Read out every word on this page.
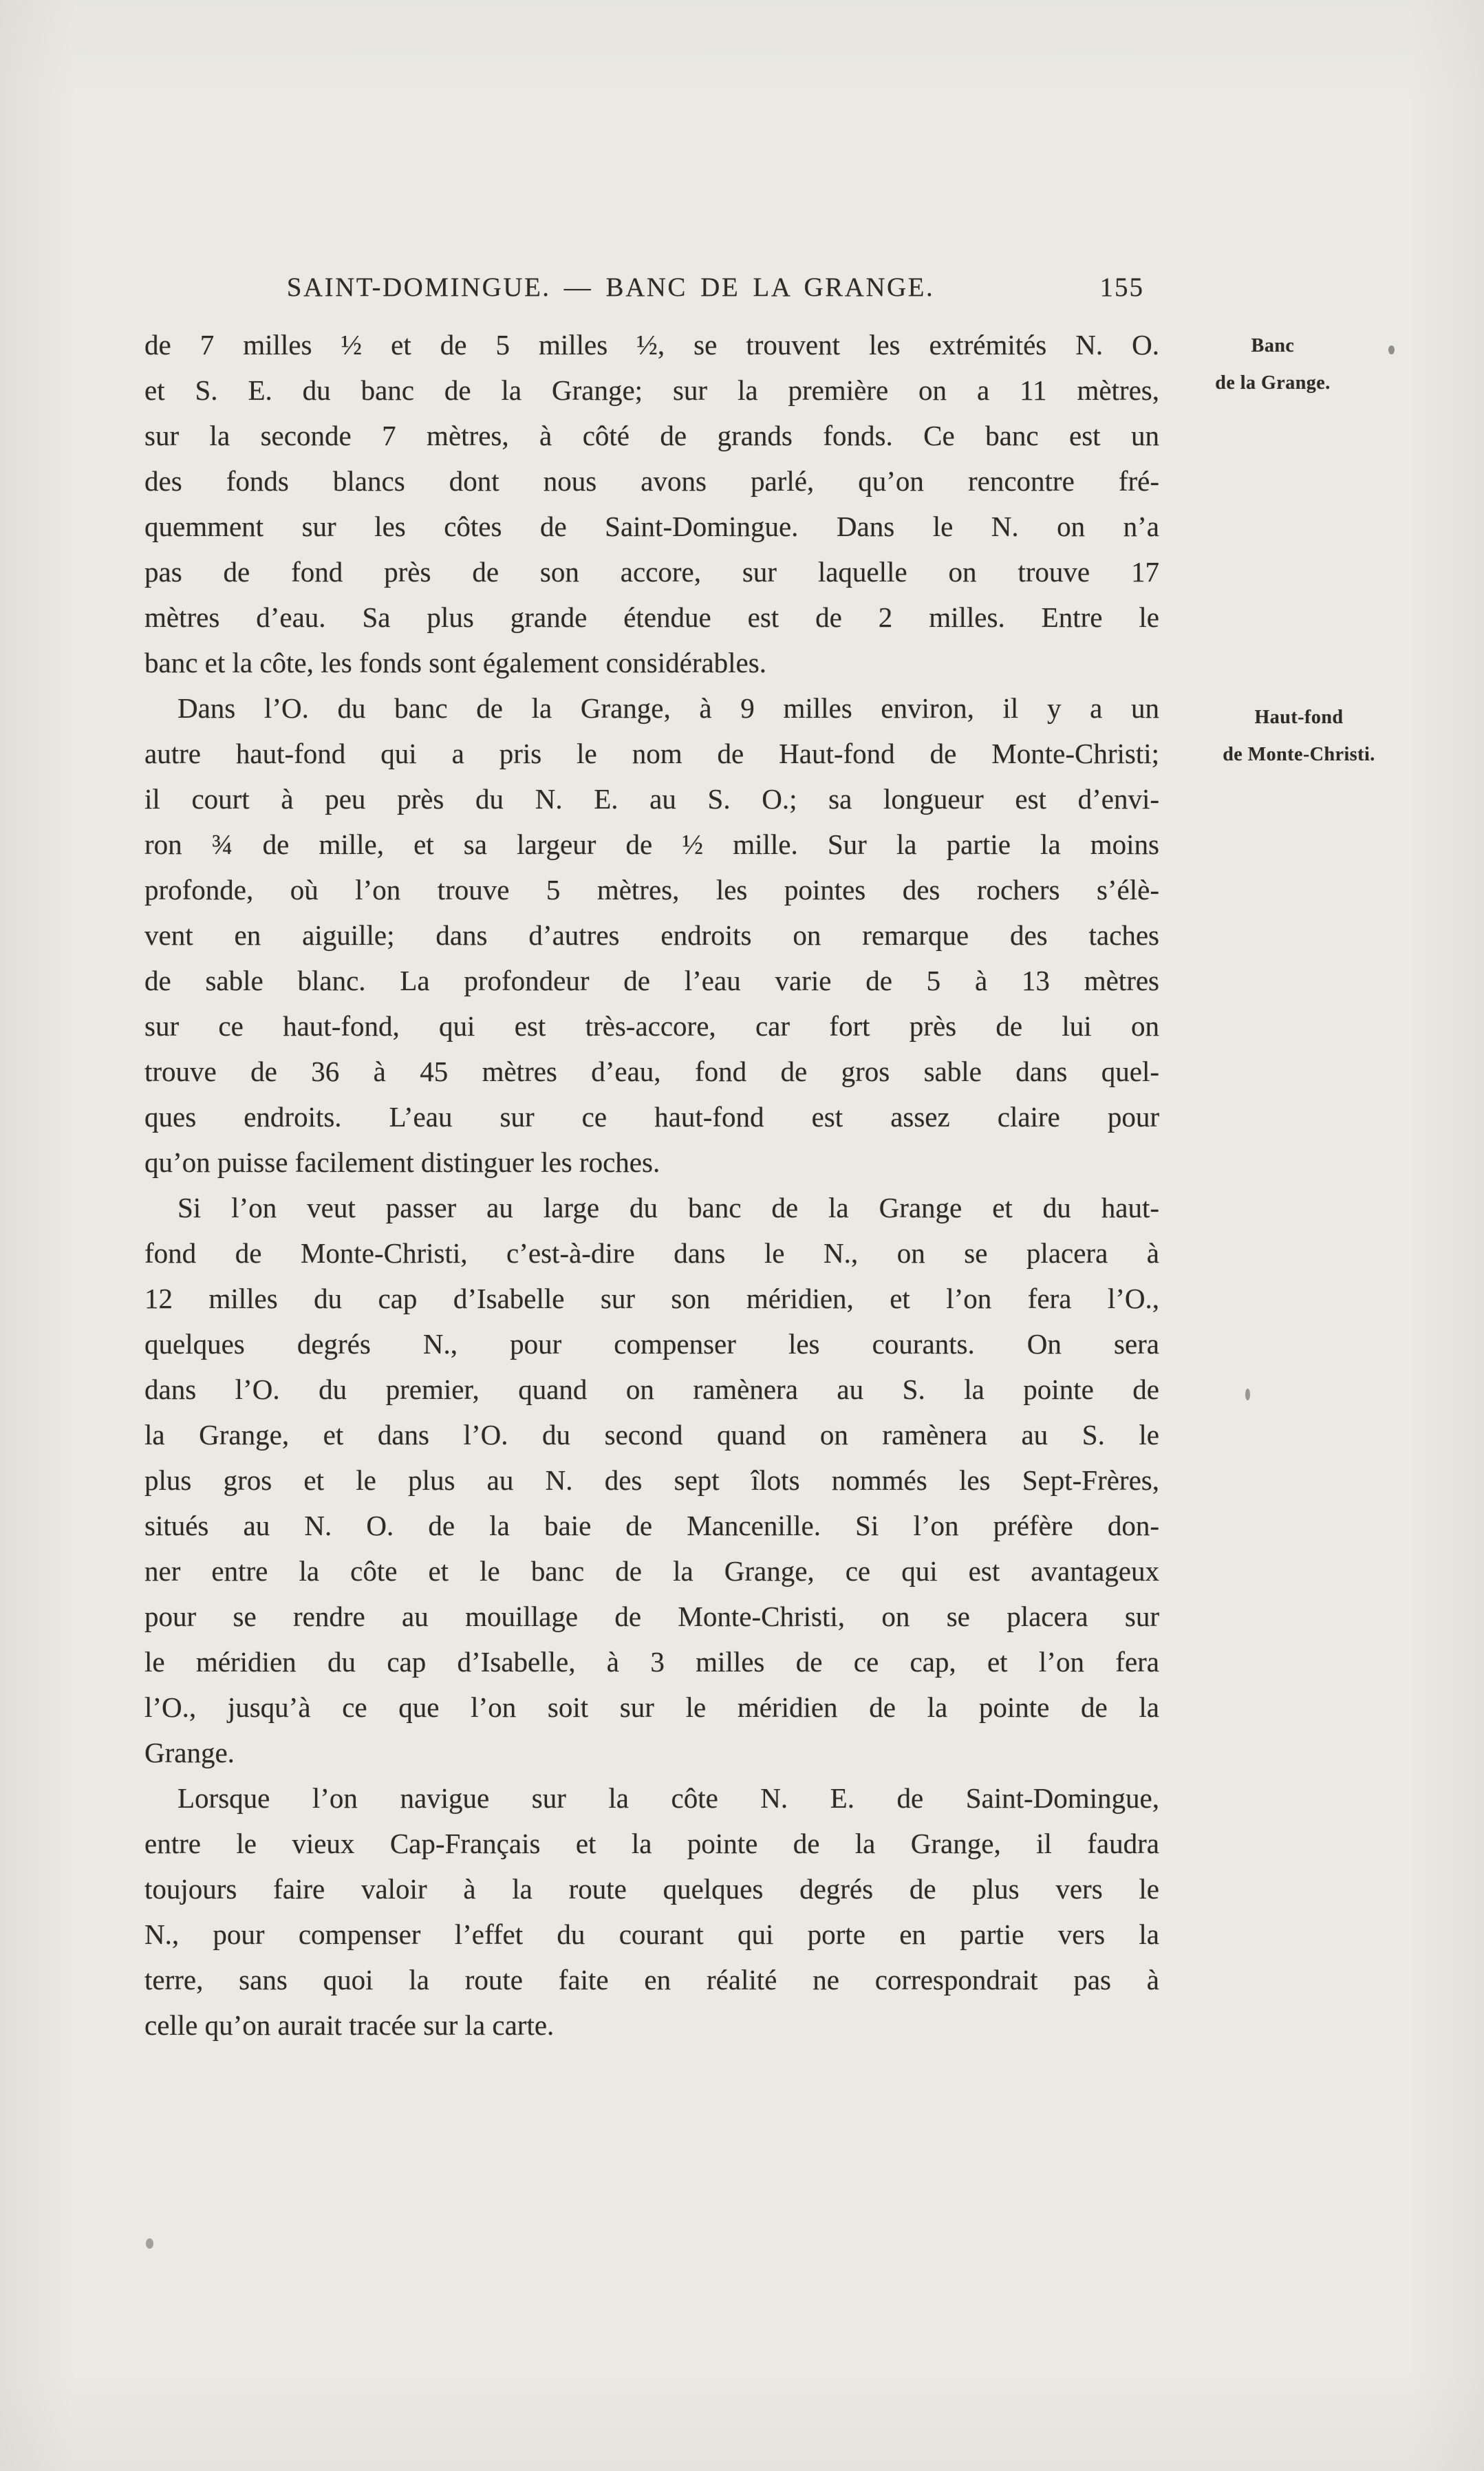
SAINT-DOMINGUE. — BANC DE LA GRANGE.	155
de 7 milles ½ et de 5 milles ½, se trouvent les extrémités N. O.
et S. E. du banc de la Grange; sur la première on a 11 mètres,
sur la seconde 7 mètres, à côté de grands fonds. Ce banc est un
des fonds blancs dont nous avons parlé, qu’on rencontre fré-
quemment sur les côtes de Saint-Domingue. Dans le N. on n’a
pas de fond près de son accore, sur laquelle on trouve 17
mètres d’eau. Sa plus grande étendue est de 2 milles. Entre le
banc et la côte, les fonds sont également considérables.
Dans l’O. du banc de la Grange, à 9 milles environ, il y a un
autre haut-fond qui a pris le nom de Haut-fond de Monte-Christi;
il court à peu près du N. E. au S. O.; sa longueur est d’envi-
ron ¾ de mille, et sa largeur de ½ mille. Sur la partie la moins
profonde, où l’on trouve 5 mètres, les pointes des rochers s’élè-
vent en aiguille; dans d’autres endroits on remarque des taches
de sable blanc. La profondeur de l’eau varie de 5 à 13 mètres
sur ce haut-fond, qui est très-accore, car fort près de lui on
trouve de 36 à 45 mètres d’eau, fond de gros sable dans quel-
ques endroits. L’eau sur ce haut-fond est assez claire pour
qu’on puisse facilement distinguer les roches.
Si l’on veut passer au large du banc de la Grange et du haut-
fond de Monte-Christi, c’est-à-dire dans le N., on se placera à
12 milles du cap d’Isabelle sur son méridien, et l’on fera l’O.,
quelques degrés N., pour compenser les courants. On sera
dans l’O. du premier, quand on ramènera au S. la pointe de
la Grange, et dans l’O. du second quand on ramènera au S. le
plus gros et le plus au N. des sept îlots nommés les Sept-Frères,
situés au N. O. de la baie de Mancenille. Si l’on préfère don-
ner entre la côte et le banc de la Grange, ce qui est avantageux
pour se rendre au mouillage de Monte-Christi, on se placera sur
le méridien du cap d’Isabelle, à 3 milles de ce cap, et l’on fera
l’O., jusqu’à ce que l’on soit sur le méridien de la pointe de la
Grange.
Lorsque l’on navigue sur la côte N. E. de Saint-Domingue,
entre le vieux Cap-Français et la pointe de la Grange, il faudra
toujours faire valoir à la route quelques degrés de plus vers le
N., pour compenser l’effet du courant qui porte en partie vers la
terre, sans quoi la route faite en réalité ne correspondrait pas à
celle qu’on aurait tracée sur la carte.
Banc
de la Grange.
Haut-fond
de Monte-Christi.
